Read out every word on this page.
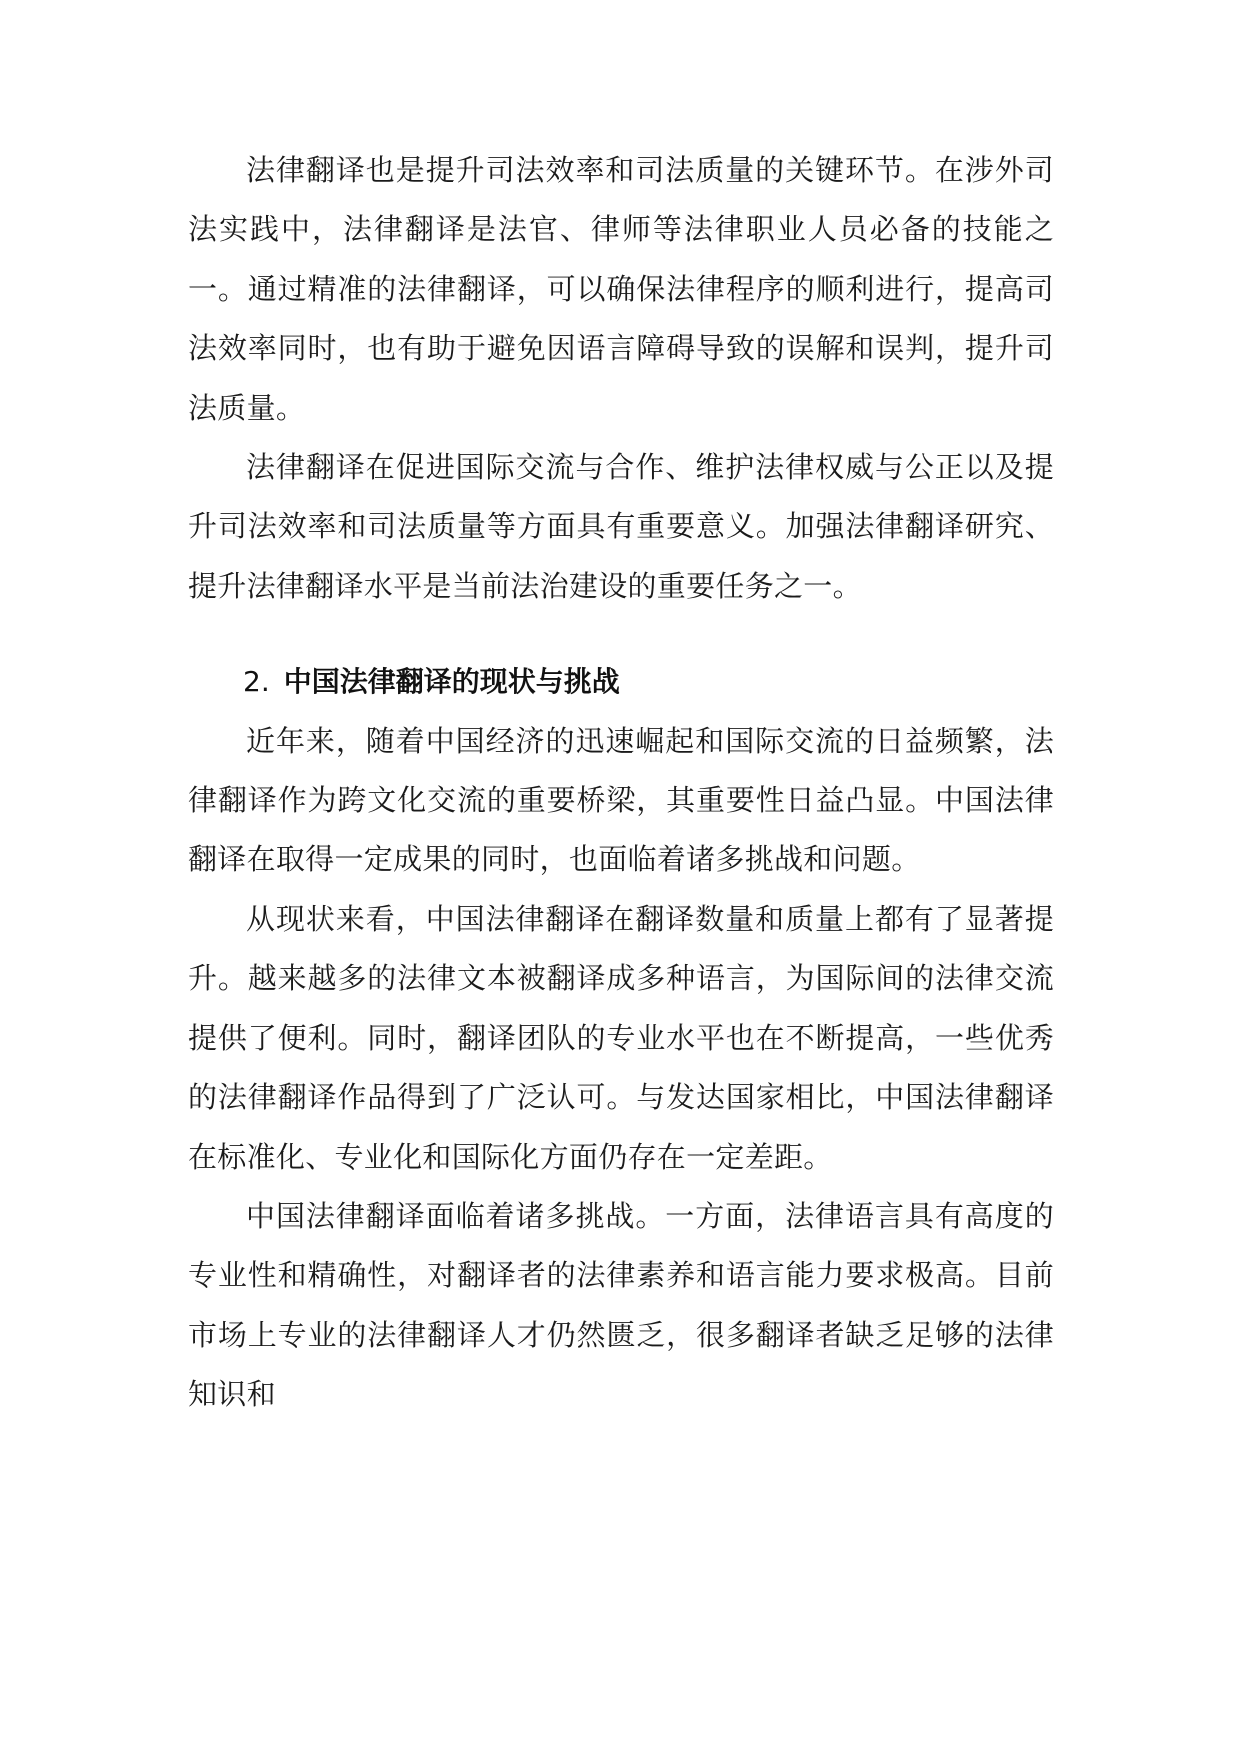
法律翻译也是提升司法效率和司法质量的关键环节。在涉外司法实践中，法律翻译是法官、律师等法律职业人员必备的技能之一。通过精准的法律翻译，可以确保法律程序的顺利进行，提高司法效率同时，也有助于避免因语言障碍导致的误解和误判，提升司法质量。

法律翻译在促进国际交流与合作、维护法律权威与公正以及提升司法效率和司法质量等方面具有重要意义。加强法律翻译研究、提升法律翻译水平是当前法治建设的重要任务之一。

2. 中国法律翻译的现状与挑战

近年来，随着中国经济的迅速崛起和国际交流的日益频繁，法律翻译作为跨文化交流的重要桥梁，其重要性日益凸显。中国法律翻译在取得一定成果的同时，也面临着诸多挑战和问题。

从现状来看，中国法律翻译在翻译数量和质量上都有了显著提升。越来越多的法律文本被翻译成多种语言，为国际间的法律交流提供了便利。同时，翻译团队的专业水平也在不断提高，一些优秀的法律翻译作品得到了广泛认可。与发达国家相比，中国法律翻译在标准化、专业化和国际化方面仍存在一定差距。

中国法律翻译面临着诸多挑战。一方面，法律语言具有高度的专业性和精确性，对翻译者的法律素养和语言能力要求极高。目前市场上专业的法律翻译人才仍然匮乏，很多翻译者缺乏足够的法律知识和
